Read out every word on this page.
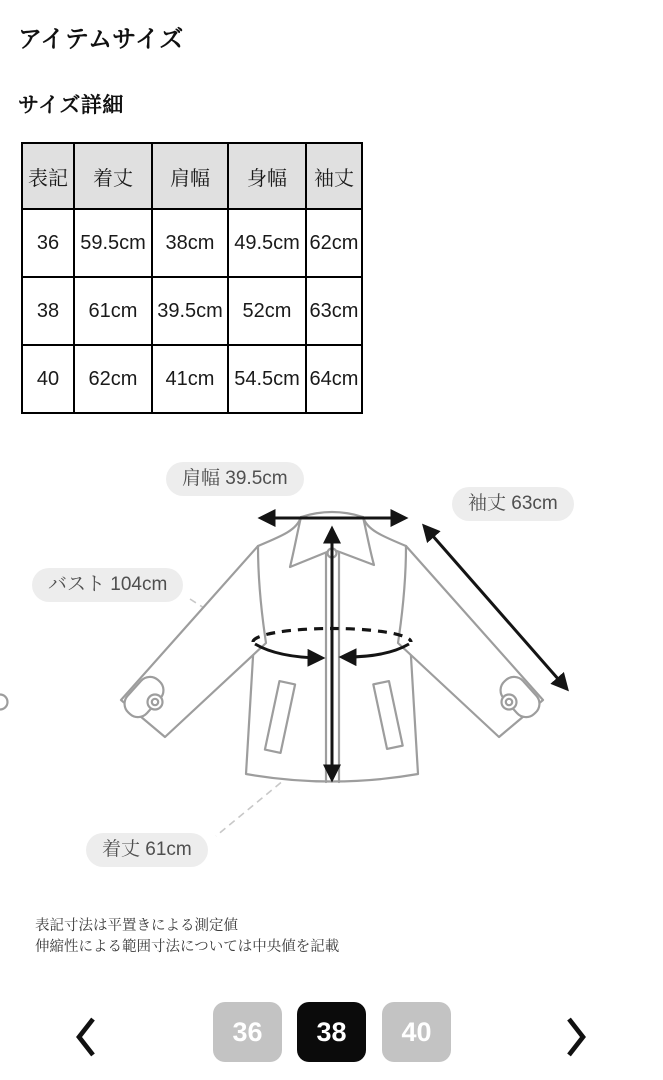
アイテムサイズ
サイズ詳細
表記	着丈	肩幅	身幅	袖丈
36	59.5cm	38cm	49.5cm	62cm
38	61cm	39.5cm	52cm	63cm
40	62cm	41cm	54.5cm	64cm
肩幅 39.5cm
袖丈 63cm
バスト 104cm
着丈 61cm
表記寸法は平置きによる測定値
伸縮性による範囲寸法については中央値を記載
36	38	40
